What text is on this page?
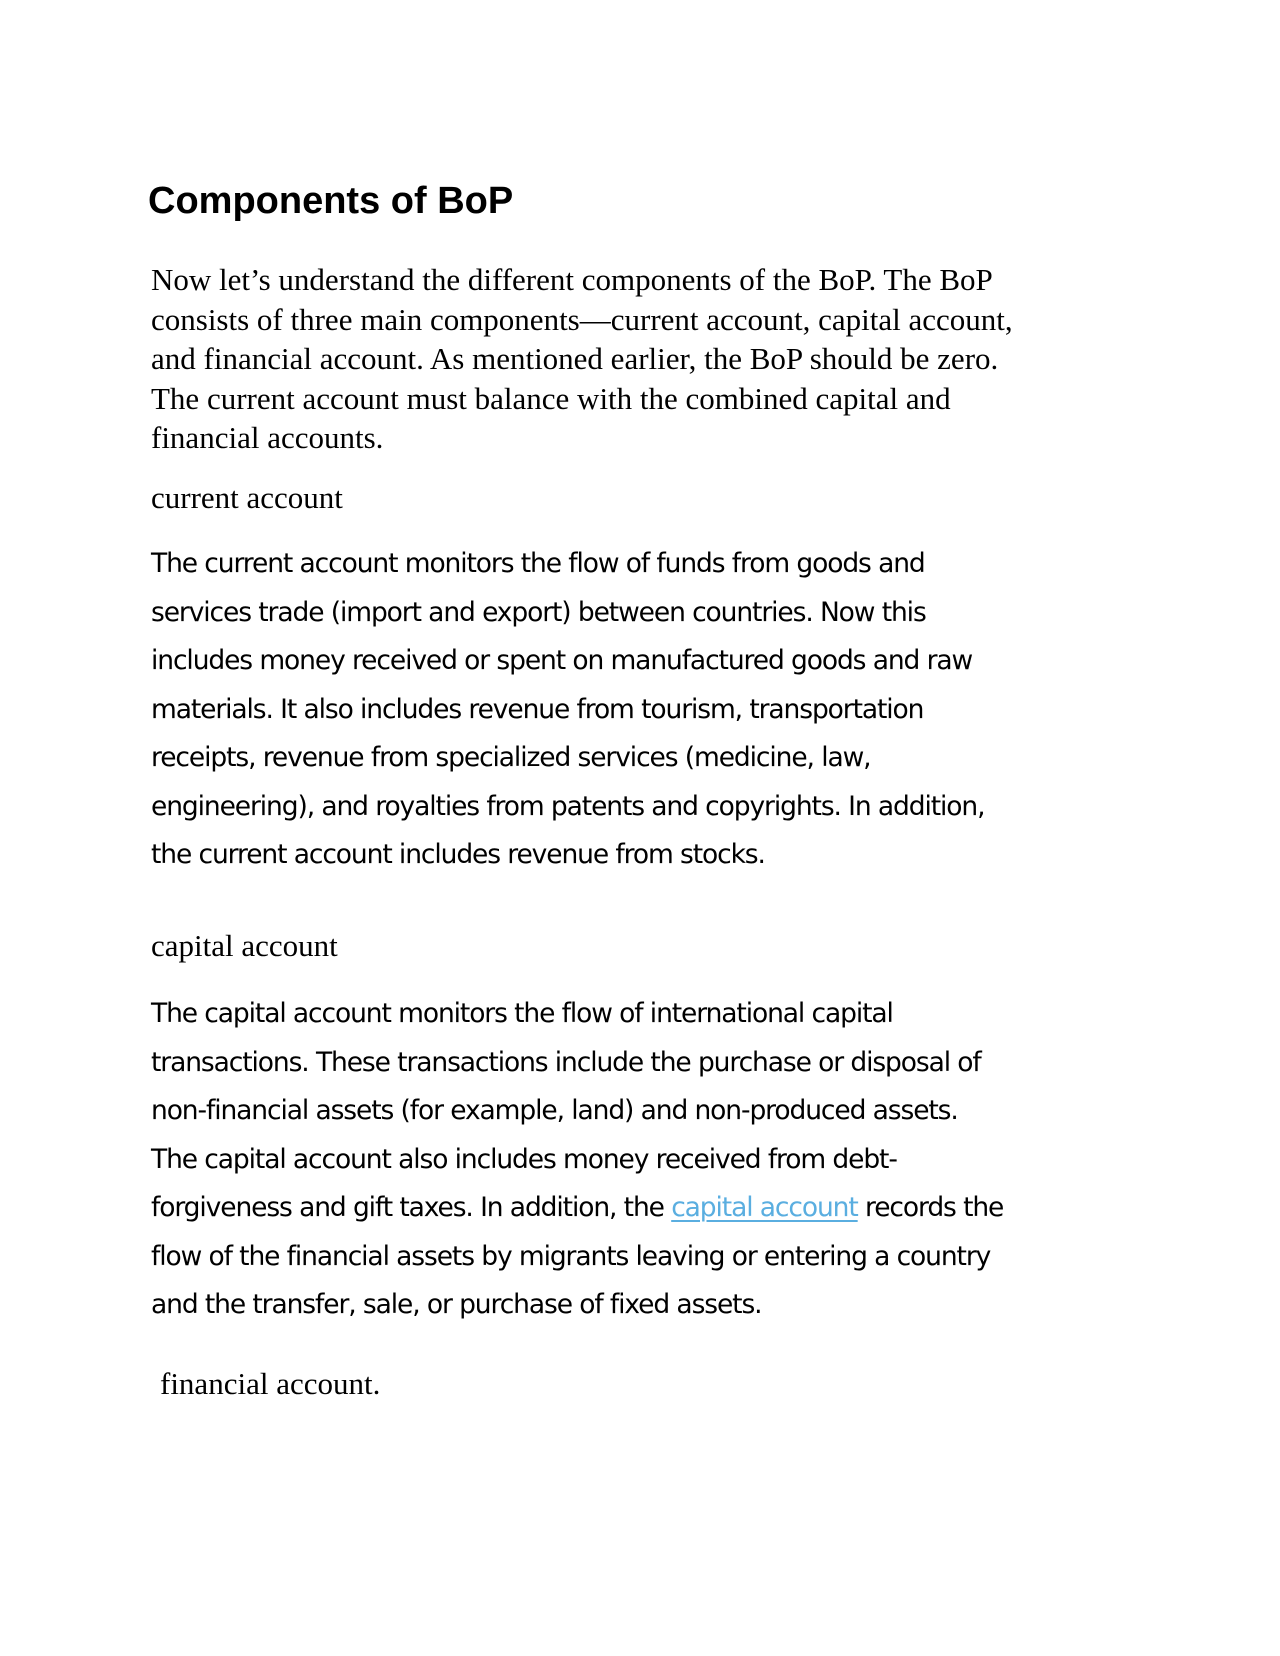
Components of BoP

Now let’s understand the different components of the BoP. The BoP
consists of three main components—current account, capital account,
and financial account. As mentioned earlier, the BoP should be zero.
The current account must balance with the combined capital and
financial accounts.

current account

The current account monitors the flow of funds from goods and
services trade (import and export) between countries. Now this
includes money received or spent on manufactured goods and raw
materials. It also includes revenue from tourism, transportation
receipts, revenue from specialized services (medicine, law,
engineering), and royalties from patents and copyrights. In addition,
the current account includes revenue from stocks.

capital account

The capital account monitors the flow of international capital
transactions. These transactions include the purchase or disposal of
non-financial assets (for example, land) and non-produced assets.
The capital account also includes money received from debt-
forgiveness and gift taxes. In addition, the capital account records the
flow of the financial assets by migrants leaving or entering a country
and the transfer, sale, or purchase of fixed assets.

financial account.
